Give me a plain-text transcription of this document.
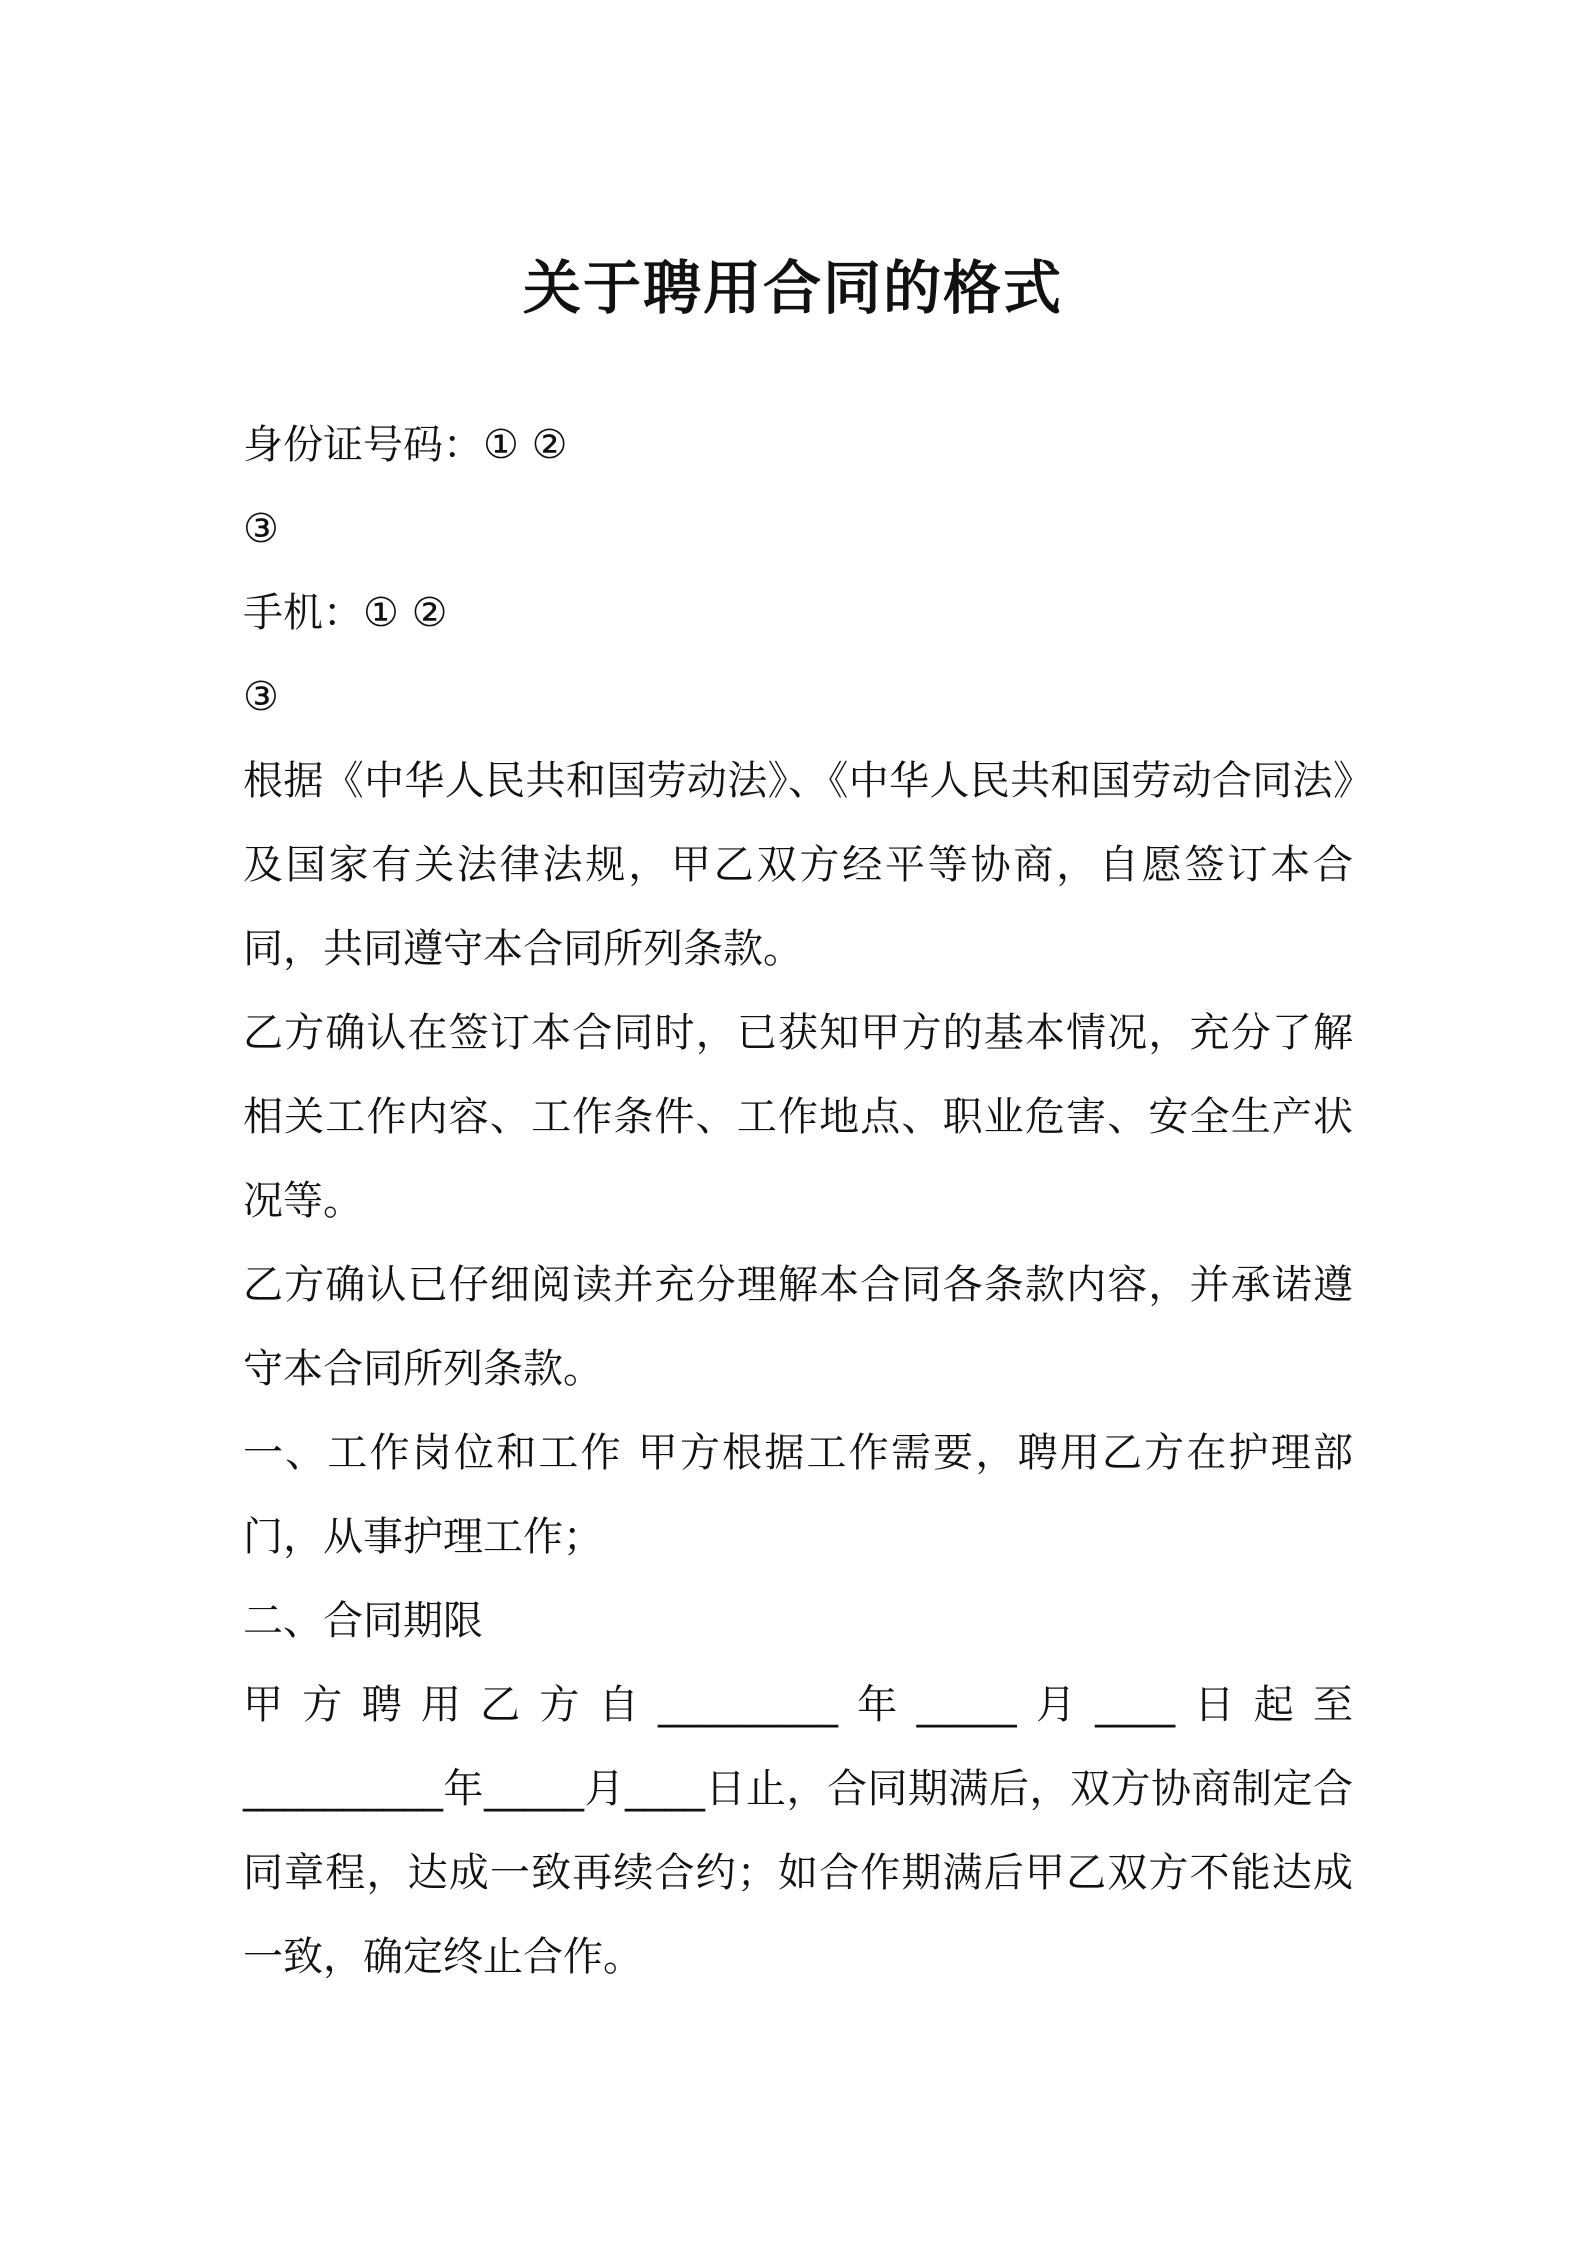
关于聘用合同的格式

身份证号码：① ②

③

手机：① ②

③

根据《中华人民共和国劳动法》、《中华人民共和国劳动合同法》及国家有关法律法规，甲乙双方经平等协商，自愿签订本合同，共同遵守本合同所列条款。

乙方确认在签订本合同时，已获知甲方的基本情况，充分了解相关工作内容、工作条件、工作地点、职业危害、安全生产状况等。

乙方确认已仔细阅读并充分理解本合同各条款内容，并承诺遵守本合同所列条款。

一、工作岗位和工作 甲方根据工作需要，聘用乙方在护理部门，从事护理工作；

二、合同期限

甲方聘用乙方自_________年_____月____日起至

__________年_____月____日止，合同期满后，双方协商制定合同章程，达成一致再续合约；如合作期满后甲乙双方不能达成一致，确定终止合作。
